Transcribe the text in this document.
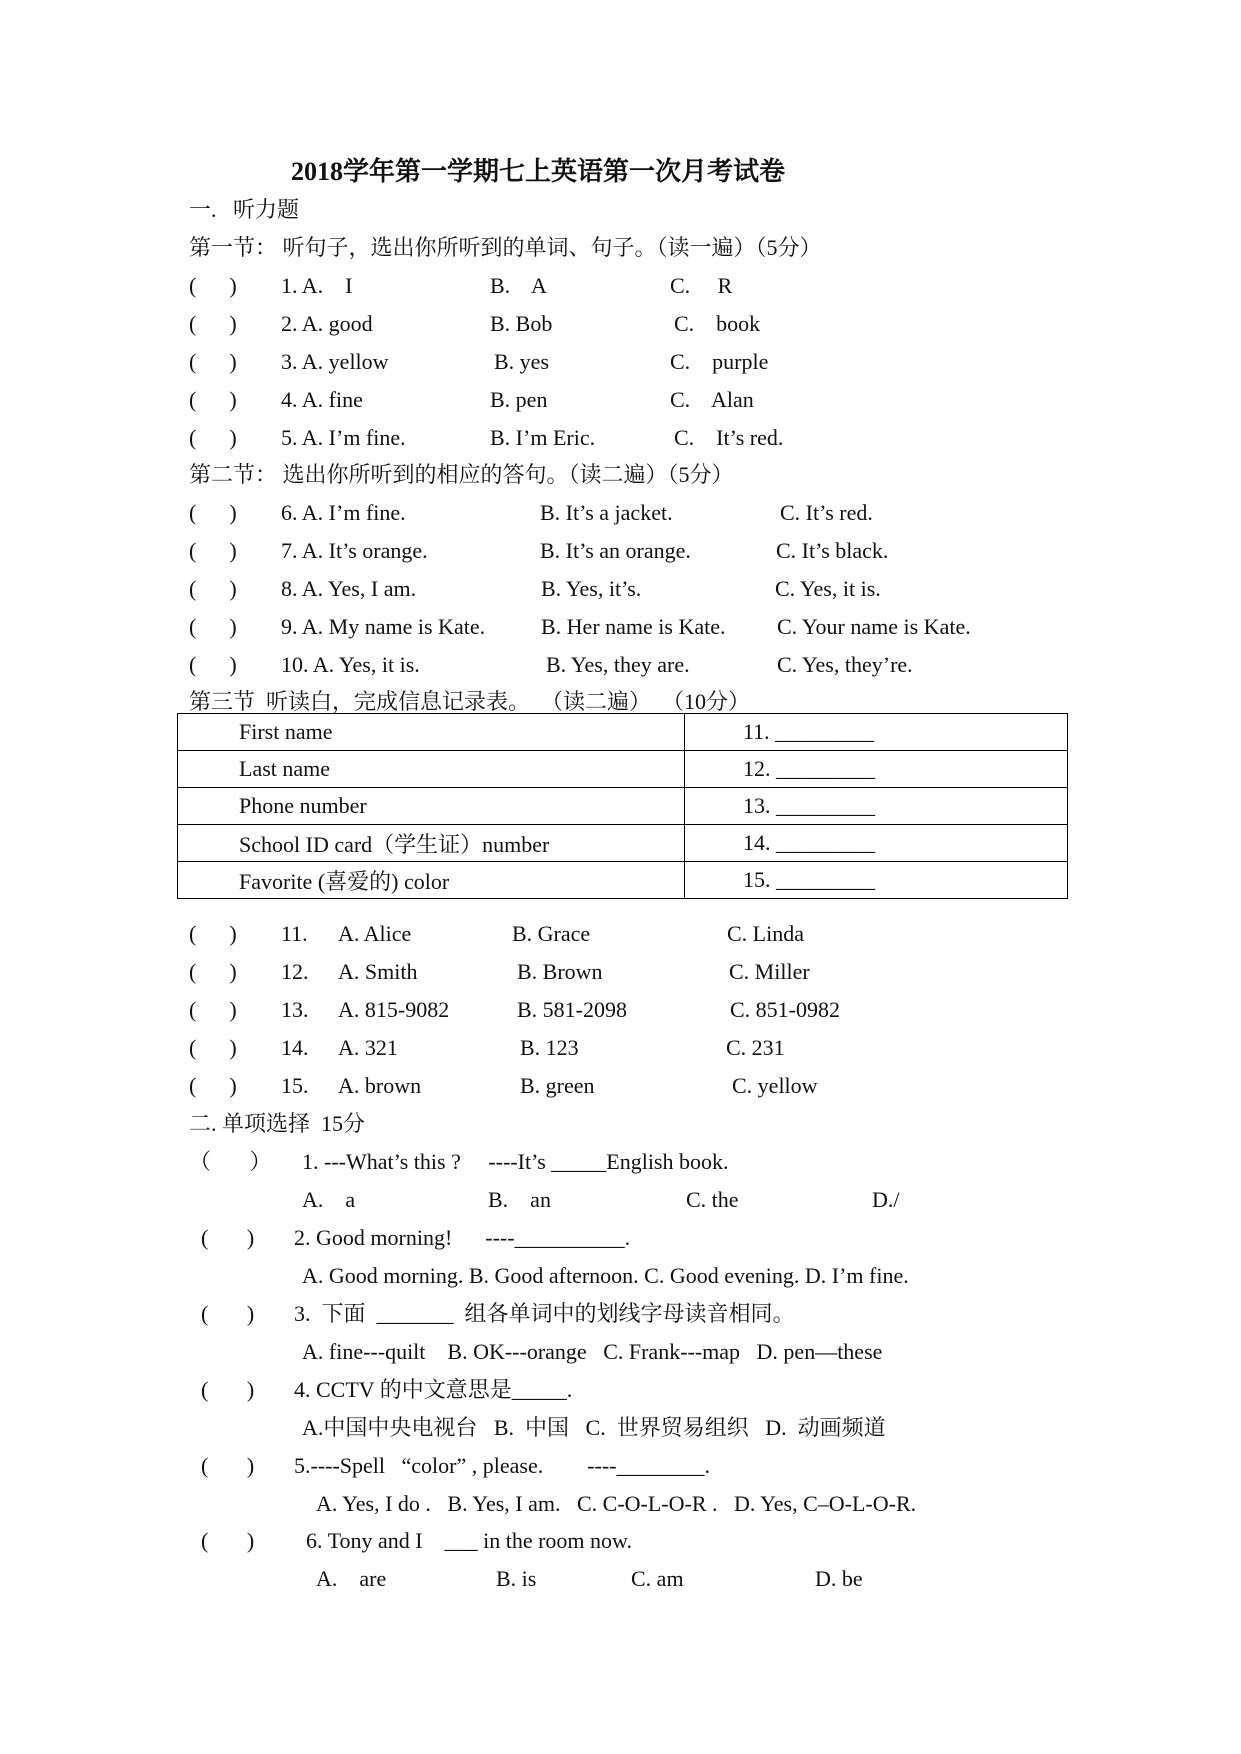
2018学年第一学期七上英语第一次月考试卷
一.   听力题
第一节： 听句子，选出你所听到的单词、句子。（读一遍）（5分）
(      ) 1. A.    I	B.    A	C.     R
(      ) 2. A. good	B. Bob	C.    book
(      ) 3. A. yellow	B. yes	C.    purple
(      ) 4. A. fine	B. pen	C.    Alan
(      ) 5. A. I’m fine.	B. I’m Eric.	C.    It’s red.
第二节： 选出你所听到的相应的答句。（读二遍）（5分）
(      ) 6. A. I’m fine.	B. It’s a jacket.	C. It’s red.
(      ) 7. A. It’s orange.	B. It’s an orange.	C. It’s black.
(      ) 8. A. Yes, I am.	B. Yes, it’s.	C. Yes, it is.
(      ) 9. A. My name is Kate.	B. Her name is Kate. C. Your name is Kate.
(      ) 10. A. Yes, it is.	B. Yes, they are.	C. Yes, they’re.
第三节  听读白，完成信息记录表。  （读二遍）  （10分）
First name	11. _________
Last name	12. _________
Phone number	13. _________
School ID card（学生证）number	14. _________
Favorite (喜爱的) color	15. _________
(      ) 11. A. Alice	B. Grace	C. Linda
(      ) 12. A. Smith	B. Brown	C. Miller
(      ) 13. A. 815-9082	B. 581-2098	C. 851-0982
(      ) 14. A. 321	B. 123	C. 231
(      ) 15. A. brown	B. green	C. yellow
二. 单项选择  15分
（       ） 1. ---What’s this ?     ----It’s _____English book.
A.    a	B.    an	C. the	D./
(       ) 2. Good morning!      ----__________.
A. Good morning. B. Good afternoon. C. Good evening. D. I’m fine.
(       ) 3.  下面  _______  组各单词中的划线字母读音相同。
A. fine---quilt    B. OK---orange   C. Frank---map   D. pen—these
(       ) 4. CCTV 的中文意思是_____.
A.中国中央电视台   B.  中国   C.  世界贸易组织   D.  动画频道
(       ) 5.----Spell   “color” , please.        ----________.
A. Yes, I do .   B. Yes, I am.   C. C-O-L-O-R .   D. Yes, C–O-L-O-R.
(       ) 6. Tony and I    ___ in the room now.
A.    are	B. is	C. am	D. be
